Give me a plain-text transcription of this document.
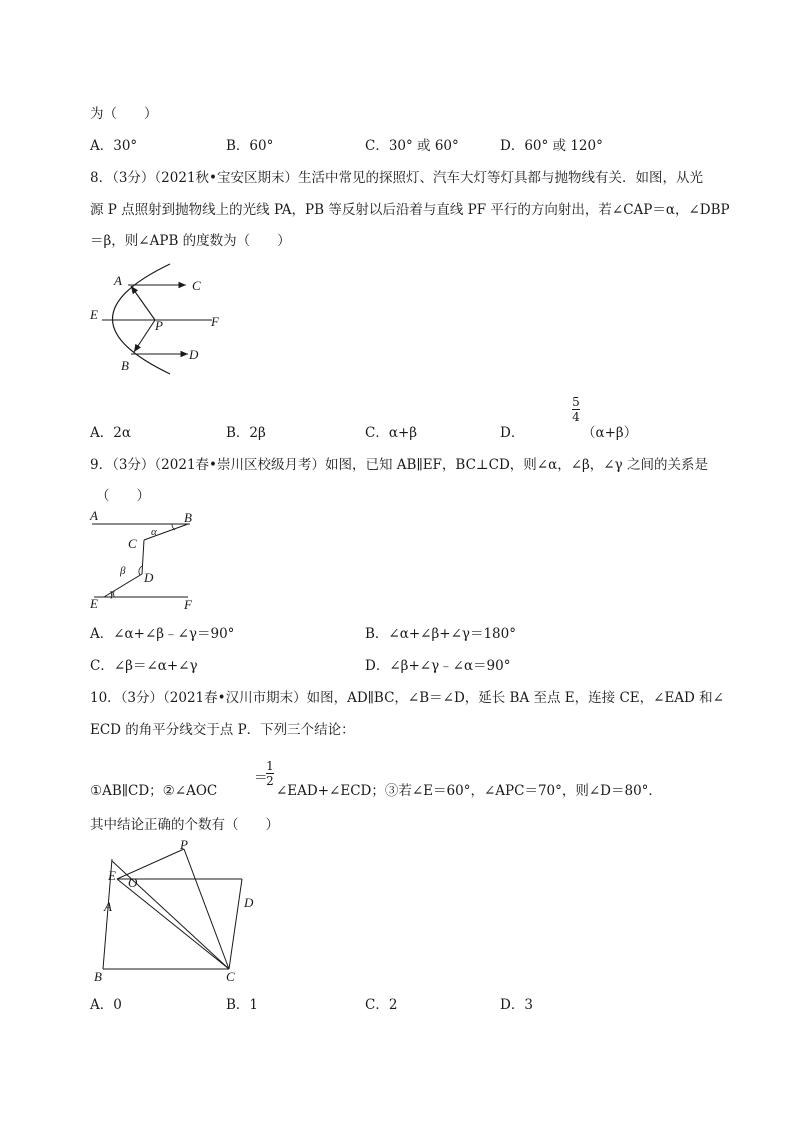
为（　　）
A．30°	B．60°	C．30° 或 60°	D．60° 或 120°
8．（3分）（2021秋•宝安区期末）生活中常见的探照灯、汽车大灯等灯具都与抛物线有关．如图，从光
源 P 点照射到抛物线上的光线 PA，PB 等反射以后沿着与直线 PF 平行的方向射出，若∠CAP＝α，∠DBP
＝β，则∠APB 的度数为（　　）
A	C
E
P	F
B
D
A．2α	B．2β	C．α+β	D．
5
4
（α+β）
9．（3分）（2021春•崇川区校级月考）如图，已知 AB∥EF，BC⊥CD，则∠α，∠β，∠γ 之间的关系是
（　　）
A	B
α
C
β D
γ
E	F
A．∠α+∠β﹣∠γ＝90°	B．∠α+∠β+∠γ＝180°
C．∠β＝∠α+∠γ	D．∠β+∠γ﹣∠α＝90°
10．（3分）（2021春•汉川市期末）如图，AD∥BC，∠B＝∠D，延长 BA 至点 E，连接 CE，∠EAD 和∠
ECD 的角平分线交于点 P．下列三个结论：
①AB∥CD；②∠AOC
＝
1
2
∠EAD+∠ECD；③若∠E＝60°，∠APC＝70°，则∠D＝80°．
其中结论正确的个数有（　　）
P
E O
A	D
B	C
A．0	B．1	C．2	D．3
